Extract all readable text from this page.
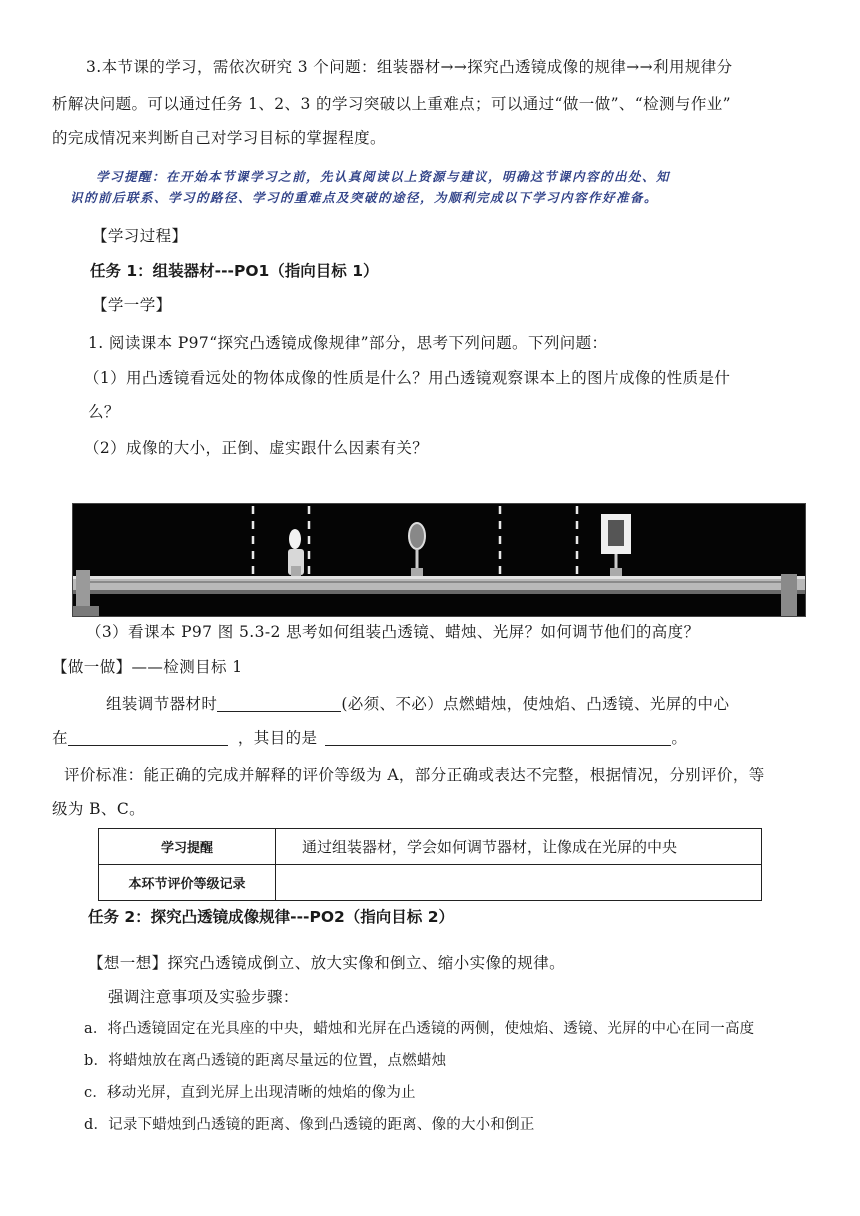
3.本节课的学习，需依次研究 3 个问题：组装器材→→探究凸透镜成像的规律→→利用规律分
析解决问题。可以通过任务 1、2、3 的学习突破以上重难点；可以通过“做一做”、“检测与作业”
的完成情况来判断自己对学习目标的掌握程度。
学习提醒：在开始本节课学习之前，先认真阅读以上资源与建议，明确这节课内容的出处、知
识的前后联系、学习的路径、学习的重难点及突破的途径，为顺利完成以下学习内容作好准备。
【学习过程】
任务 1：组装器材---PO1（指向目标 1）
【学一学】
1. 阅读课本 P97“探究凸透镜成像规律”部分，思考下列问题。下列问题：
（1）用凸透镜看远处的物体成像的性质是什么？用凸透镜观察课本上的图片成像的性质是什
么？
（2）成像的大小，正倒、虚实跟什么因素有关？
（3）看课本 P97 图 5.3-2 思考如何组装凸透镜、蜡烛、光屏？如何调节他们的高度？
【做一做】——检测目标 1
组装调节器材时	(必须、不必）点燃蜡烛，使烛焰、凸透镜、光屏的中心
在	，其目的是	。
评价标准：能正确的完成并解释的评价等级为 A，部分正确或表达不完整，根据情况，分别评价，等
级为 B、C。
学习提醒	通过组装器材，学会如何调节器材，让像成在光屏的中央
本环节评价等级记录	
任务 2：探究凸透镜成像规律---PO2（指向目标 2）
【想一想】探究凸透镜成倒立、放大实像和倒立、缩小实像的规律。
强调注意事项及实验步骤：
a．将凸透镜固定在光具座的中央，蜡烛和光屏在凸透镜的两侧，使烛焰、透镜、光屏的中心在同一高度
b．将蜡烛放在离凸透镜的距离尽量远的位置，点燃蜡烛
c．移动光屏，直到光屏上出现清晰的烛焰的像为止
d．记录下蜡烛到凸透镜的距离、像到凸透镜的距离、像的大小和倒正
